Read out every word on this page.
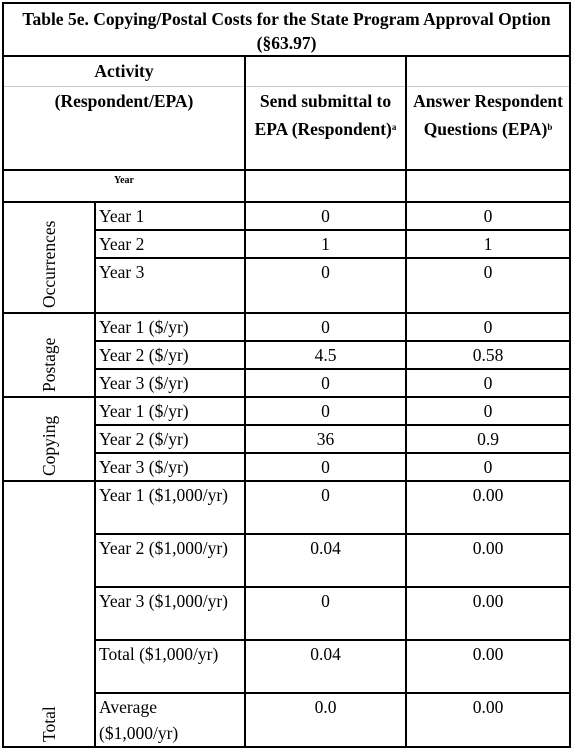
Table 5e. Copying/Postal Costs for the State Program Approval Option (§63.97)			
Activity			
(Respondent/EPA)		Send submittal to EPA (Respondent)$^a$	Answer Respondent Questions (EPA)$^b$
Year			

Occurrences	Year 1	0	0
	Year 2	1	1
	Year 3	0	0

Postage	Year 1 ($/yr)	0	0
	Year 2 ($/yr)	4.5	0.58
	Year 3 ($/yr)	0	0

Copying	Year 1 ($/yr)	0	0
	Year 2 ($/yr)	36	0.9
	Year 3 ($/yr)	0	0

Total	Year 1 ($1,000/yr)	0	0.00
	Year 2 ($1,000/yr)	0.04	0.00
	Year 3 ($1,000/yr)	0	0.00
	Total ($1,000/yr)	0.04	0.00
	Average ($1,000/yr)	0.0	0.00
